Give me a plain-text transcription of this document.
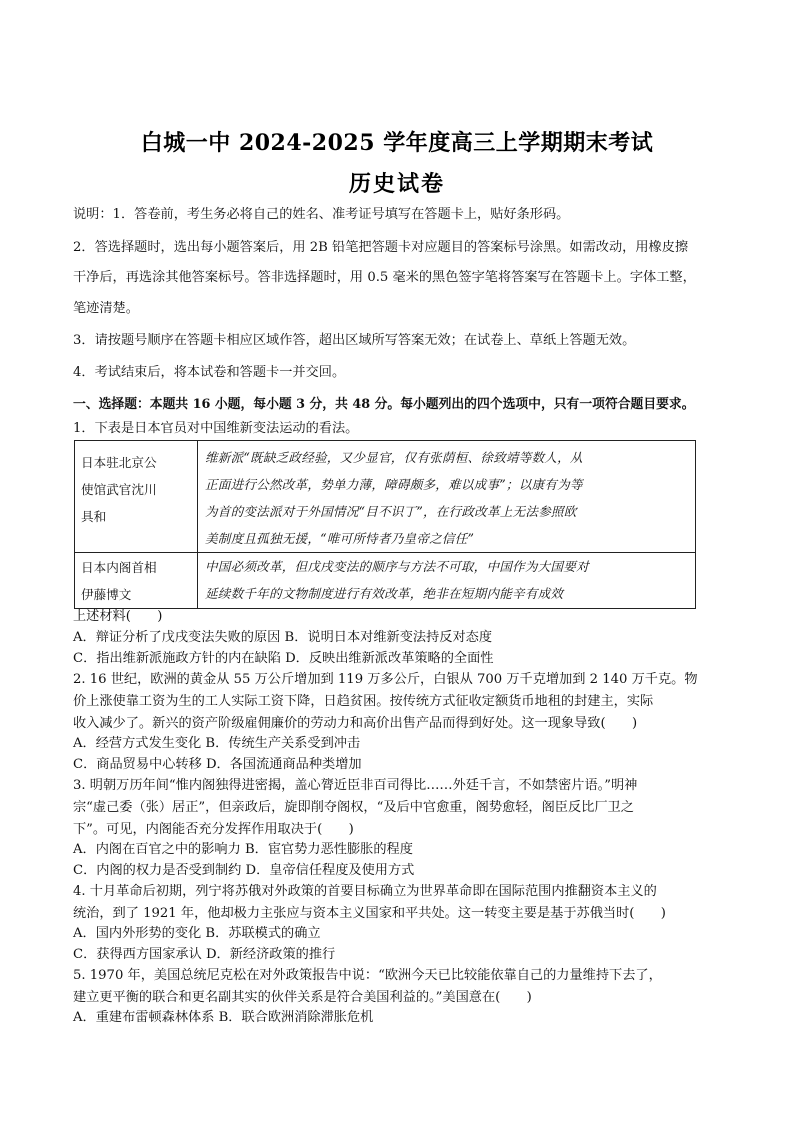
白城一中 2024-2025 学年度高三上学期期末考试
历史试卷
说明：1．答卷前，考生务必将自己的姓名、准考证号填写在答题卡上，贴好条形码。
2．答选择题时，选出每小题答案后，用 2B 铅笔把答题卡对应题目的答案标号涂黑。如需改动，用橡皮擦
干净后，再选涂其他答案标号。答非选择题时，用 0.5 毫米的黑色签字笔将答案写在答题卡上。字体工整，
笔迹清楚。
3．请按题号顺序在答题卡相应区域作答，超出区域所写答案无效；在试卷上、草纸上答题无效。
4．考试结束后，将本试卷和答题卡一并交回。
一、选择题：本题共 16 小题，每小题 3 分，共 48 分。每小题列出的四个选项中，只有一项符合题目要求。
1．下表是日本官员对中国维新变法运动的看法。
日本驻北京公
使馆武官沈川
具和	维新派“既缺乏政经验，又少显官，仅有张荫桓、徐致靖等数人，从
正面进行公然改革，势单力薄，障碍颇多，难以成事”；以康有为等
为首的变法派对于外国情况“目不识丁”，在行政改革上无法参照欧
美制度且孤独无援，“唯可所恃者乃皇帝之信任”

日本内阁首相
伊藤博文	中国必须改革，但戊戌变法的顺序与方法不可取，中国作为大国要对
延续数千年的文物制度进行有效改革，绝非在短期内能辛有成效
上述材料(　　)
A．辩证分析了戊戌变法失败的原因 B．说明日本对维新变法持反对态度
C．指出维新派施政方针的内在缺陷 D．反映出维新派改革策略的全面性
2. 16 世纪，欧洲的黄金从 55 万公斤增加到 119 万多公斤，白银从 700 万千克增加到 2 140 万千克。物
价上涨使靠工资为生的工人实际工资下降，日趋贫困。按传统方式征收定额货币地租的封建主，实际
收入减少了。新兴的资产阶级雇佣廉价的劳动力和高价出售产品而得到好处。这一现象导致(　　)
A．经营方式发生变化 B．传统生产关系受到冲击
C．商品贸易中心转移 D．各国流通商品种类增加
3. 明朝万历年间“惟内阁独得进密揭，盖心膂近臣非百司得比……外廷千言，不如禁密片语。”明神
宗“虚己委（张）居正”，但亲政后，旋即削夺阁权，“及后中官愈重，阁势愈轻，阁臣反比厂卫之
下”。可见，内阁能否充分发挥作用取决于(　　)
A．内阁在百官之中的影响力 B．宦官势力恶性膨胀的程度
C．内阁的权力是否受到制约 D．皇帝信任程度及使用方式
4. 十月革命后初期，列宁将苏俄对外政策的首要目标确立为世界革命即在国际范围内推翻资本主义的
统治，到了 1921 年，他却极力主张应与资本主义国家和平共处。这一转变主要是基于苏俄当时(　　)
A．国内外形势的变化 B．苏联模式的确立
C．获得西方国家承认 D．新经济政策的推行
5. 1970 年，美国总统尼克松在对外政策报告中说：“欧洲今天已比较能依靠自己的力量维持下去了，
建立更平衡的联合和更名副其实的伙伴关系是符合美国利益的。”美国意在(　　)
A．重建布雷顿森林体系 B．联合欧洲消除滞胀危机
